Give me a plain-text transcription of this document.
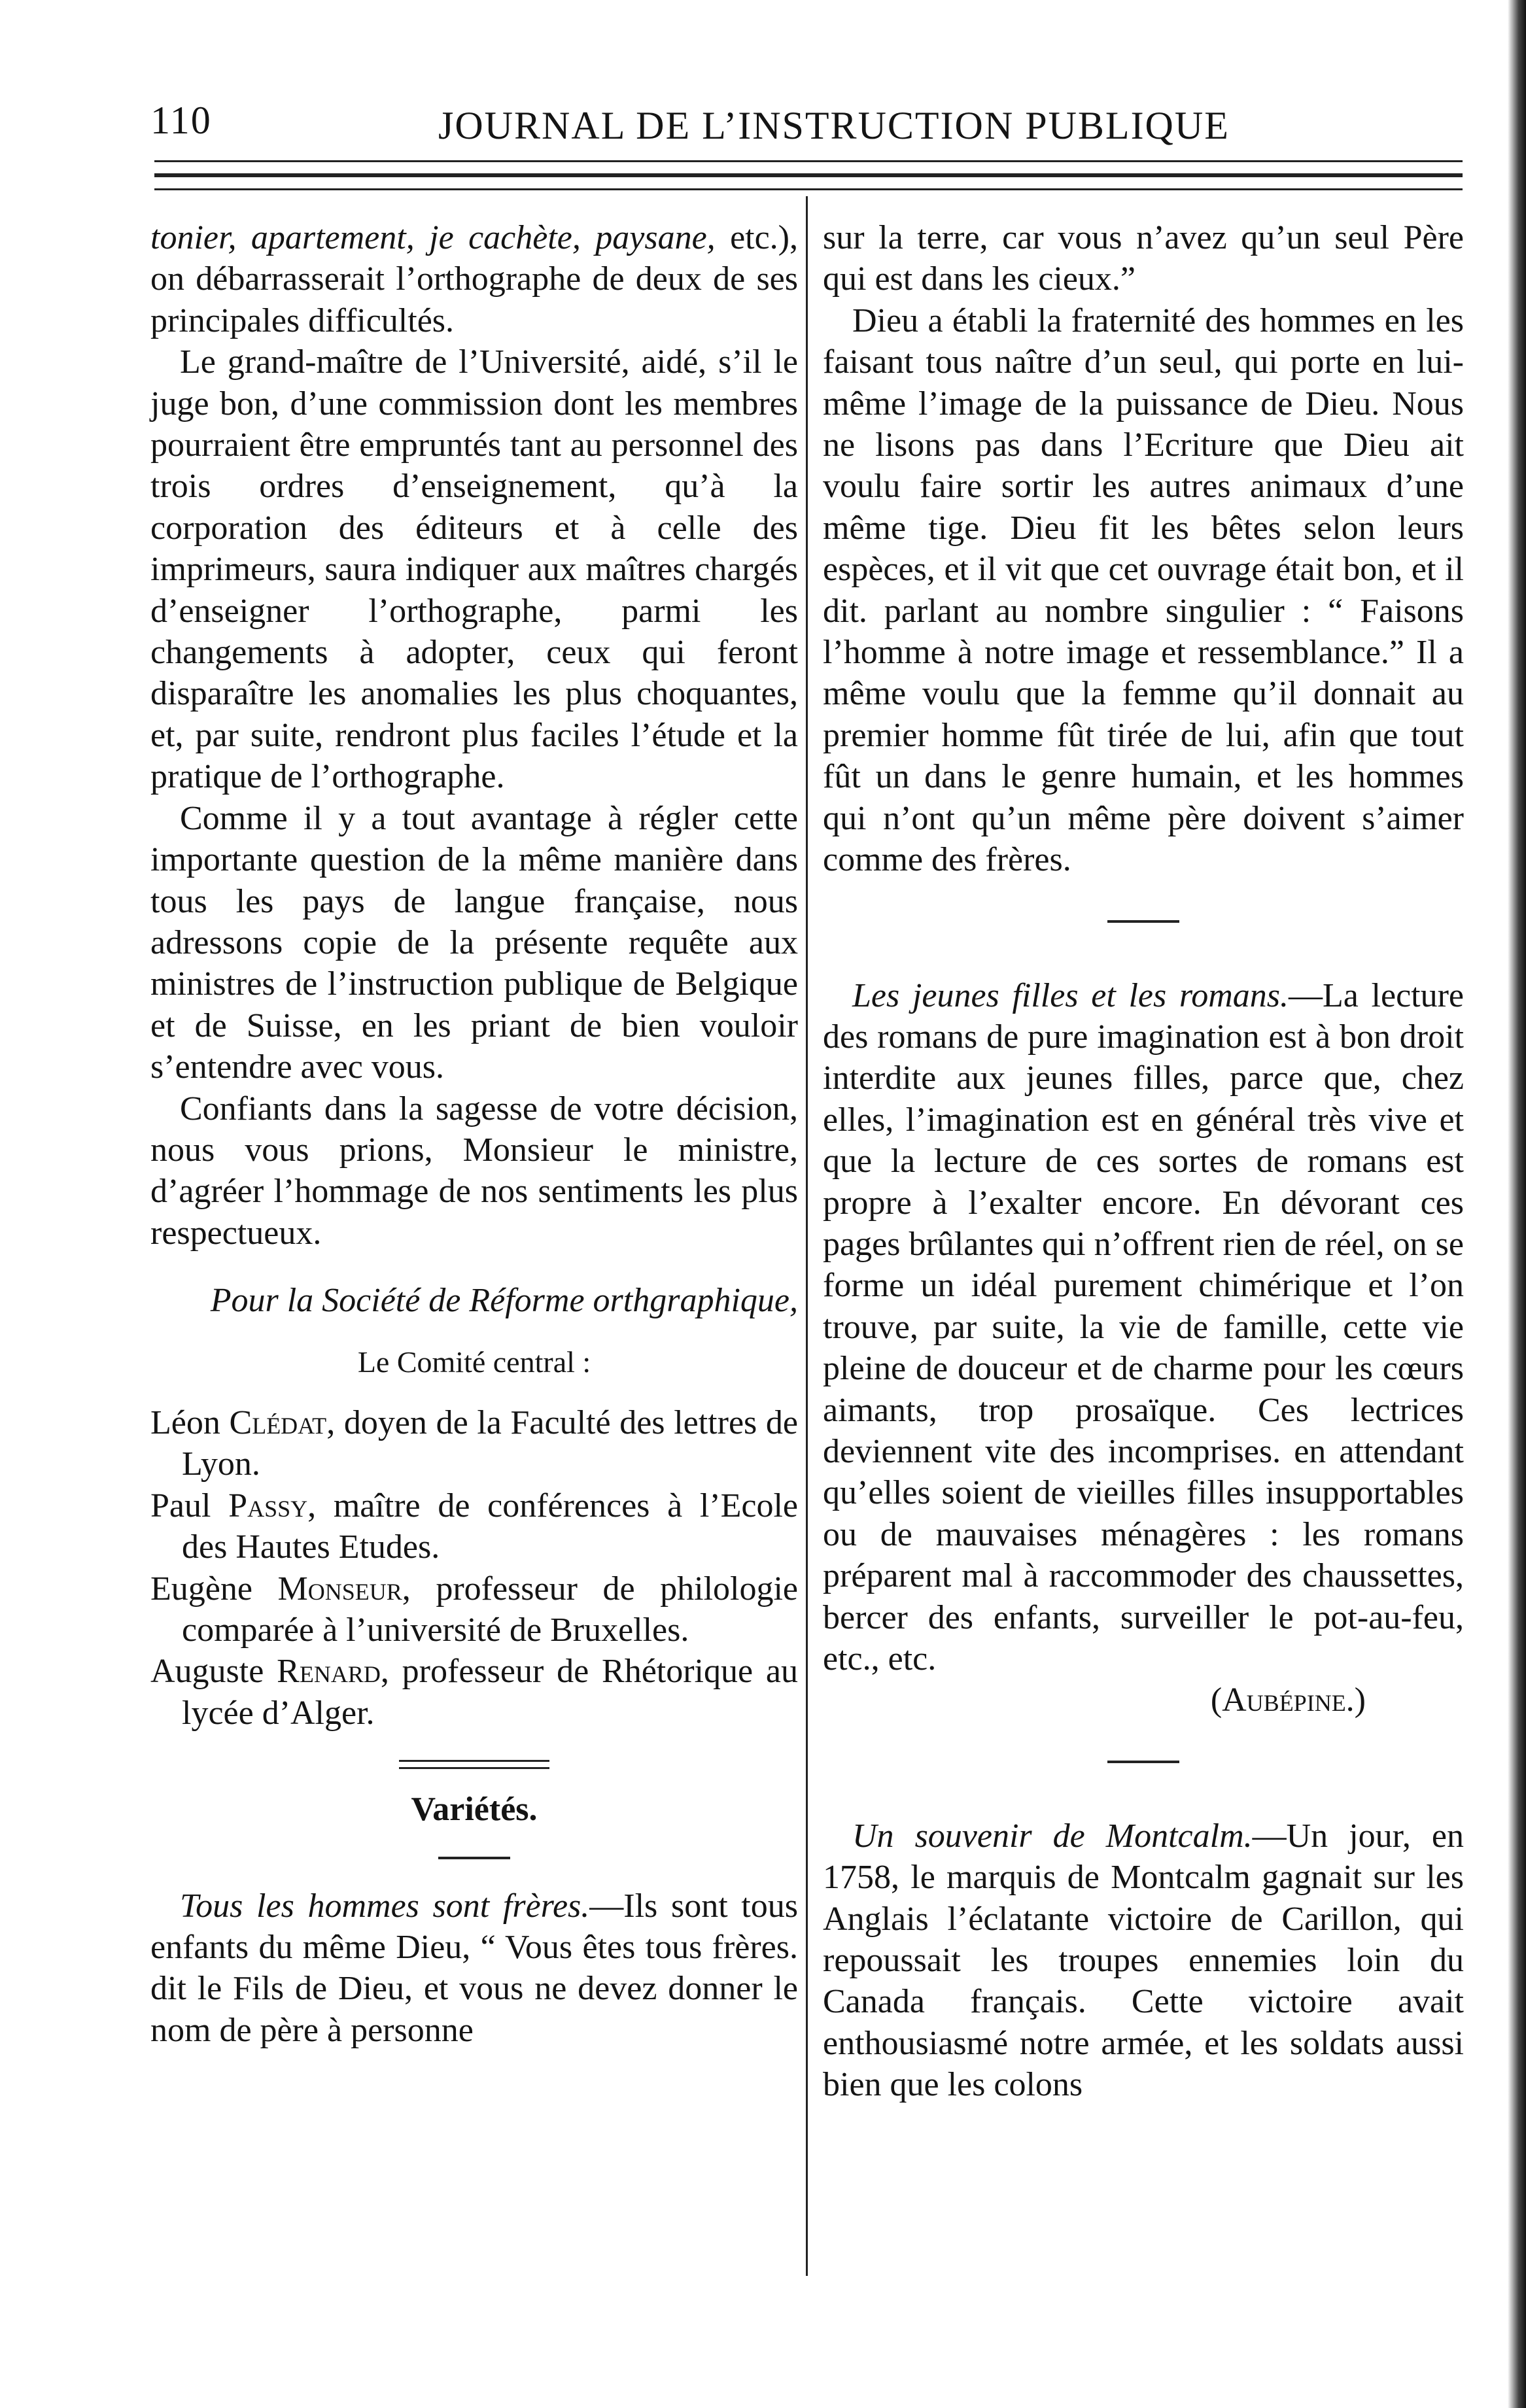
110	JOURNAL DE L’INSTRUCTION PUBLIQUE

tonier, apartement, je cachète, paysane, etc.), on débarrasserait l’orthographe de deux de ses principales difficultés.

Le grand-maître de l’Université, aidé, s’il le juge bon, d’une commission dont les membres pourraient être empruntés tant au personnel des trois ordres d’enseignement, qu’à la corporation des éditeurs et à celle des imprimeurs, saura indiquer aux maîtres chargés d’enseigner l’orthographe, parmi les changements à adopter, ceux qui feront disparaître les anomalies les plus choquantes, et, par suite, rendront plus faciles l’étude et la pratique de l’orthographe.

Comme il y a tout avantage à régler cette importante question de la même manière dans tous les pays de langue française, nous adressons copie de la présente requête aux ministres de l’instruction publique de Belgique et de Suisse, en les priant de bien vouloir s’entendre avec vous.

Confiants dans la sagesse de votre décision, nous vous prions, Monsieur le ministre, d’agréer l’hommage de nos sentiments les plus respectueux.

Pour la Société de Réforme orthgraphique,

Le Comité central :

Léon Clédat, doyen de la Faculté des lettres de Lyon.

Paul Passy, maître de conférences à l’Ecole des Hautes Etudes.

Eugène Monseur, professeur de philologie comparée à l’université de Bruxelles.

Auguste Renard, professeur de Rhétorique au lycée d’Alger.

Variétés.

Tous les hommes sont frères.—Ils sont tous enfants du même Dieu, “ Vous êtes tous frères. dit le Fils de Dieu, et vous ne devez donner le nom de père à personne

sur la terre, car vous n’avez qu’un seul Père qui est dans les cieux.”

Dieu a établi la fraternité des hommes en les faisant tous naître d’un seul, qui porte en lui-même l’image de la puissance de Dieu. Nous ne lisons pas dans l’Ecriture que Dieu ait voulu faire sortir les autres animaux d’une même tige. Dieu fit les bêtes selon leurs espèces, et il vit que cet ouvrage était bon, et il dit. parlant au nombre singulier : “ Faisons l’homme à notre image et ressemblance.” Il a même voulu que la femme qu’il donnait au premier homme fût tirée de lui, afin que tout fût un dans le genre humain, et les hommes qui n’ont qu’un même père doivent s’aimer comme des frères.

Les jeunes filles et les romans.—La lecture des romans de pure imagination est à bon droit interdite aux jeunes filles, parce que, chez elles, l’imagination est en général très vive et que la lecture de ces sortes de romans est propre à l’exalter encore. En dévorant ces pages brûlantes qui n’offrent rien de réel, on se forme un idéal purement chimérique et l’on trouve, par suite, la vie de famille, cette vie pleine de douceur et de charme pour les cœurs aimants, trop prosaïque. Ces lectrices deviennent vite des incomprises. en attendant qu’elles soient de vieilles filles insupportables ou de mauvaises ménagères : les romans préparent mal à raccommoder des chaussettes, bercer des enfants, surveiller le pot-au-feu, etc., etc.

(Aubépine.)

Un souvenir de Montcalm.—Un jour, en 1758, le marquis de Montcalm gagnait sur les Anglais l’éclatante victoire de Carillon, qui repoussait les troupes ennemies loin du Canada français. Cette victoire avait enthousiasmé notre armée, et les soldats aussi bien que les colons
